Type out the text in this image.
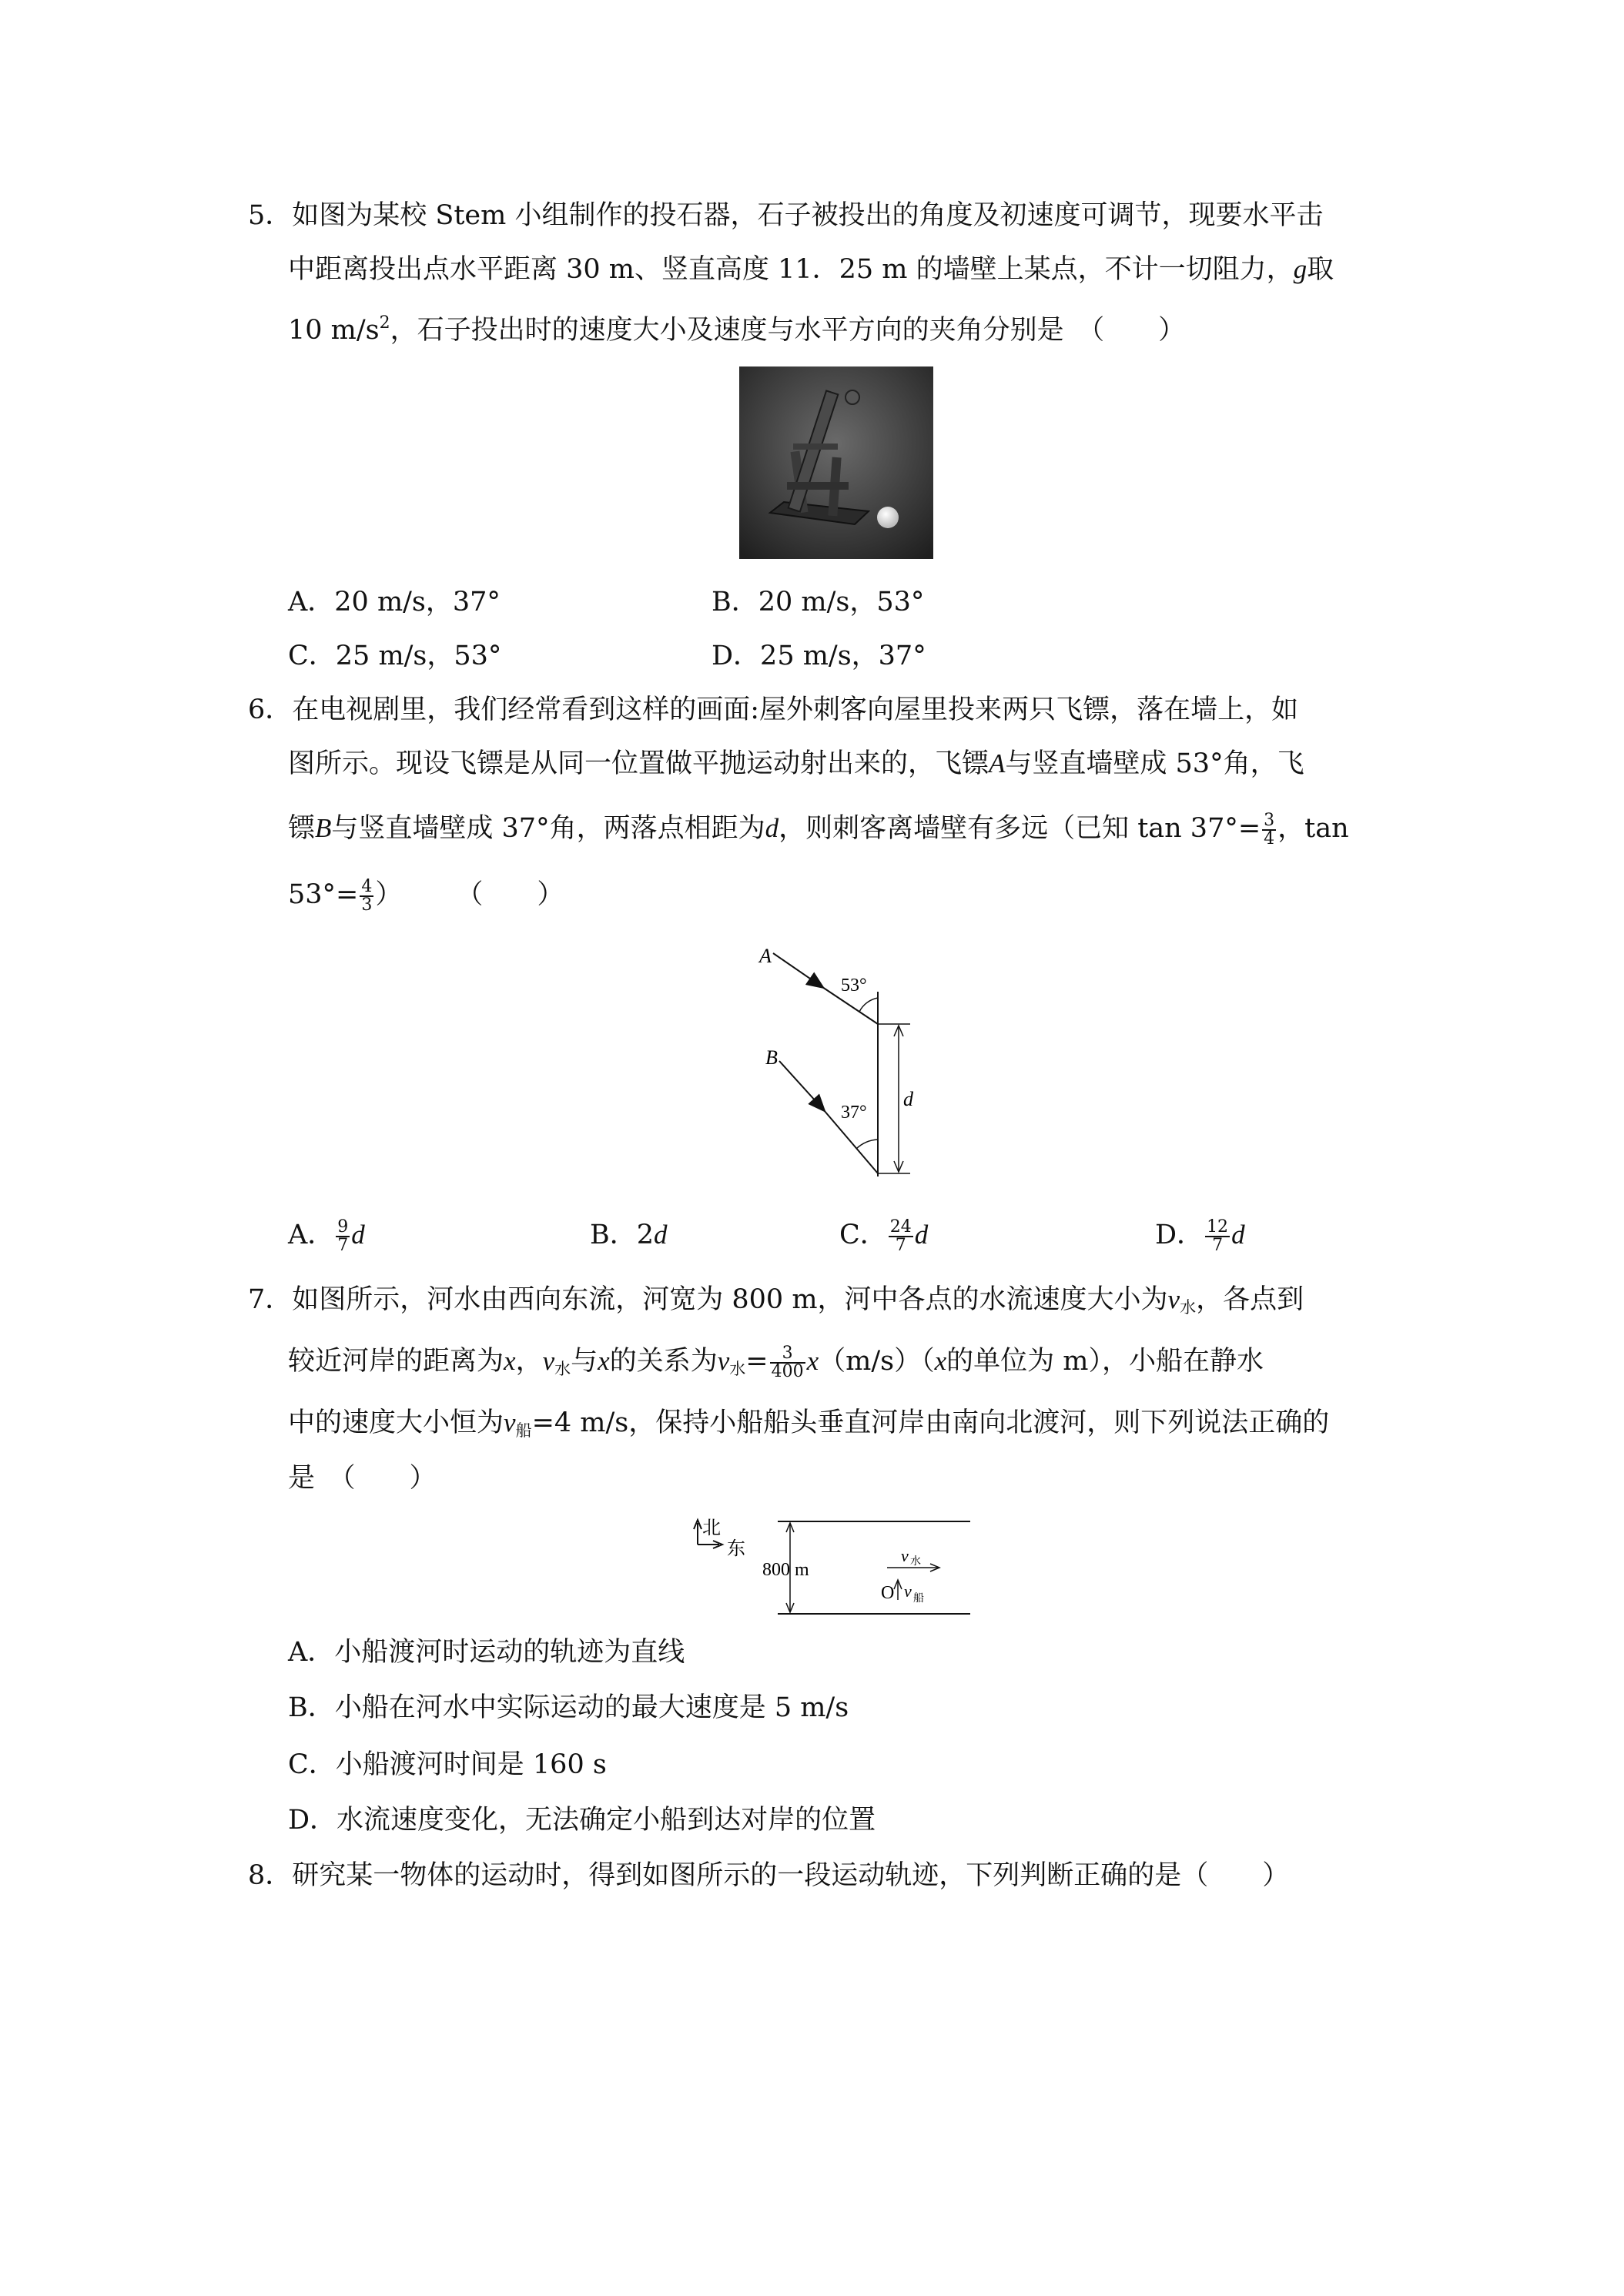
5．如图为某校 Stem 小组制作的投石器，石子被投出的角度及初速度可调节，现要水平击
中距离投出点水平距离 30 m、竖直高度 11．25 m 的墙壁上某点，不计一切阻力，g取
10 $m/s^2$，石子投出时的速度大小及速度与水平方向的夹角分别是　（　　）
A．20 m/s，37°	B．20 m/s，53°
C．25 m/s，53°	D．25 m/s，37°
6．在电视剧里，我们经常看到这样的画面:屋外刺客向屋里投来两只飞镖，落在墙上，如
图所示。现设飞镖是从同一位置做平抛运动射出来的，飞镖A与竖直墙壁成 53°角，飞
镖B与竖直墙壁成 37°角，两落点相距为d，则刺客离墙壁有多远（已知 $\tan 37^\circ= \frac{3}{4}$ ，tan
$53^\circ= \frac{4}{3}$ ）　　　（　　）
A
53°
d
B
37°
A． $\frac{9}{7}$ d	B．2d	C． $\frac{24}{7}$ d	D． $\frac{12}{7}$ d
7．如图所示，河水由西向东流，河宽为 800 m，河中各点的水流速度大小为$v_水$，各点到
较近河岸的距离为x，$v_水$与x的关系为$v_水= \frac{3}{400} x(m/s)(x$的单位为 m），小船在静水
中的速度大小恒为$v_船=4$ m/s，保持小船船头垂直河岸由南向北渡河，则下列说法正确的
是　（　　）
北
东
800 m
v 水
O v 船
A．小船渡河时运动的轨迹为直线
B．小船在河水中实际运动的最大速度是 5 m/s
C．小船渡河时间是 160 s
D．水流速度变化，无法确定小船到达对岸的位置
8．研究某一物体的运动时，得到如图所示的一段运动轨迹，下列判断正确的是（　　）
